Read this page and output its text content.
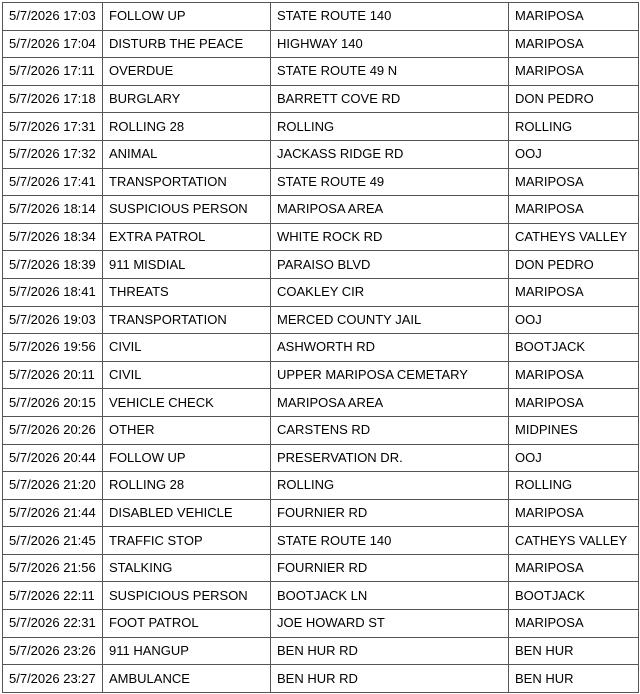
5/7/2026 17:03	FOLLOW UP	STATE ROUTE 140	MARIPOSA
5/7/2026 17:04	DISTURB THE PEACE	HIGHWAY 140	MARIPOSA
5/7/2026 17:11	OVERDUE	STATE ROUTE 49 N	MARIPOSA
5/7/2026 17:18	BURGLARY	BARRETT COVE RD	DON PEDRO
5/7/2026 17:31	ROLLING 28	ROLLING	ROLLING
5/7/2026 17:32	ANIMAL	JACKASS RIDGE RD	OOJ
5/7/2026 17:41	TRANSPORTATION	STATE ROUTE 49	MARIPOSA
5/7/2026 18:14	SUSPICIOUS PERSON	MARIPOSA AREA	MARIPOSA
5/7/2026 18:34	EXTRA PATROL	WHITE ROCK RD	CATHEYS VALLEY
5/7/2026 18:39	911 MISDIAL	PARAISO BLVD	DON PEDRO
5/7/2026 18:41	THREATS	COAKLEY CIR	MARIPOSA
5/7/2026 19:03	TRANSPORTATION	MERCED COUNTY JAIL	OOJ
5/7/2026 19:56	CIVIL	ASHWORTH RD	BOOTJACK
5/7/2026 20:11	CIVIL	UPPER MARIPOSA CEMETARY	MARIPOSA
5/7/2026 20:15	VEHICLE CHECK	MARIPOSA AREA	MARIPOSA
5/7/2026 20:26	OTHER	CARSTENS RD	MIDPINES
5/7/2026 20:44	FOLLOW UP	PRESERVATION DR.	OOJ
5/7/2026 21:20	ROLLING 28	ROLLING	ROLLING
5/7/2026 21:44	DISABLED VEHICLE	FOURNIER RD	MARIPOSA
5/7/2026 21:45	TRAFFIC STOP	STATE ROUTE 140	CATHEYS VALLEY
5/7/2026 21:56	STALKING	FOURNIER RD	MARIPOSA
5/7/2026 22:11	SUSPICIOUS PERSON	BOOTJACK LN	BOOTJACK
5/7/2026 22:31	FOOT PATROL	JOE HOWARD ST	MARIPOSA
5/7/2026 23:26	911 HANGUP	BEN HUR RD	BEN HUR
5/7/2026 23:27	AMBULANCE	BEN HUR RD	BEN HUR
